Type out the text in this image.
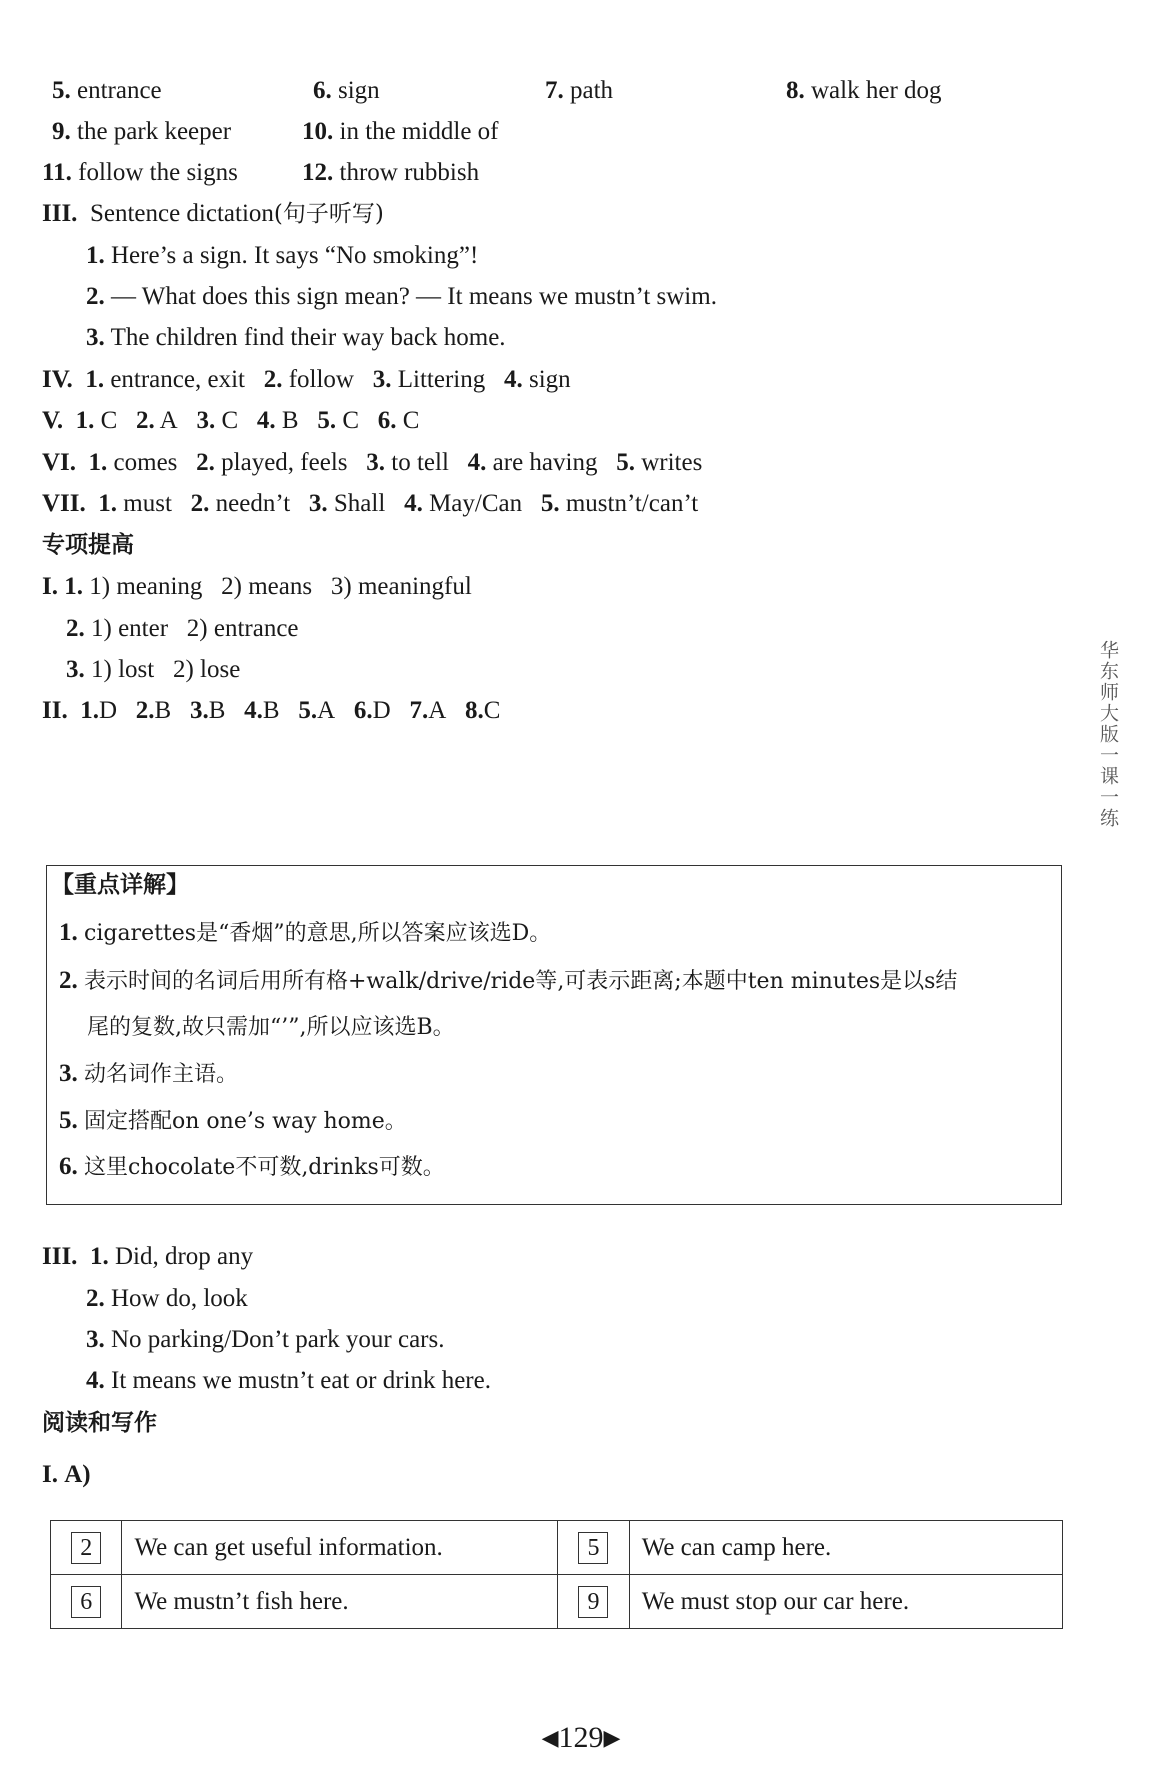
5. entrance	6. sign	7. path	8. walk her dog
9. the park keeper	10. in the middle of
11. follow the signs	12. throw rubbish
III. Sentence dictation(句子听写)
1. Here’s a sign. It says “No smoking”!
2. — What does this sign mean? — It means we mustn’t swim.
3. The children find their way back home.
IV. 1. entrance, exit 2. follow 3. Littering 4. sign
V. 1. C 2. A 3. C 4. B 5. C 6. C
VI. 1. comes 2. played, feels 3. to tell 4. are having 5. writes
VII. 1. must 2. needn’t 3. Shall 4. May/Can 5. mustn’t/can’t
专项提高
I. 1. 1) meaning 2) means 3) meaningful
2. 1) enter 2) entrance
3. 1) lost 2) lose
II. 1.D 2.B 3.B 4.B 5.A 6.D 7.A 8.C
【重点详解】
1. cigarettes是“香烟”的意思,所以答案应该选D。
2. 表示时间的名词后用所有格+walk/drive/ride等,可表示距离;本题中ten minutes是以s结
尾的复数,故只需加“’”,所以应该选B。
3. 动名词作主语。
5. 固定搭配on one’s way home。
6. 这里chocolate不可数,drinks可数。
III. 1. Did, drop any
2. How do, look
3. No parking/Don’t park your cars.
4. It means we mustn’t eat or drink here.
阅读和写作
I. A)
2	We can get useful information.	5	We can camp here.
6	We mustn’t fish here.	9	We must stop our car here.
华东师大版一课一练
◀129▶
